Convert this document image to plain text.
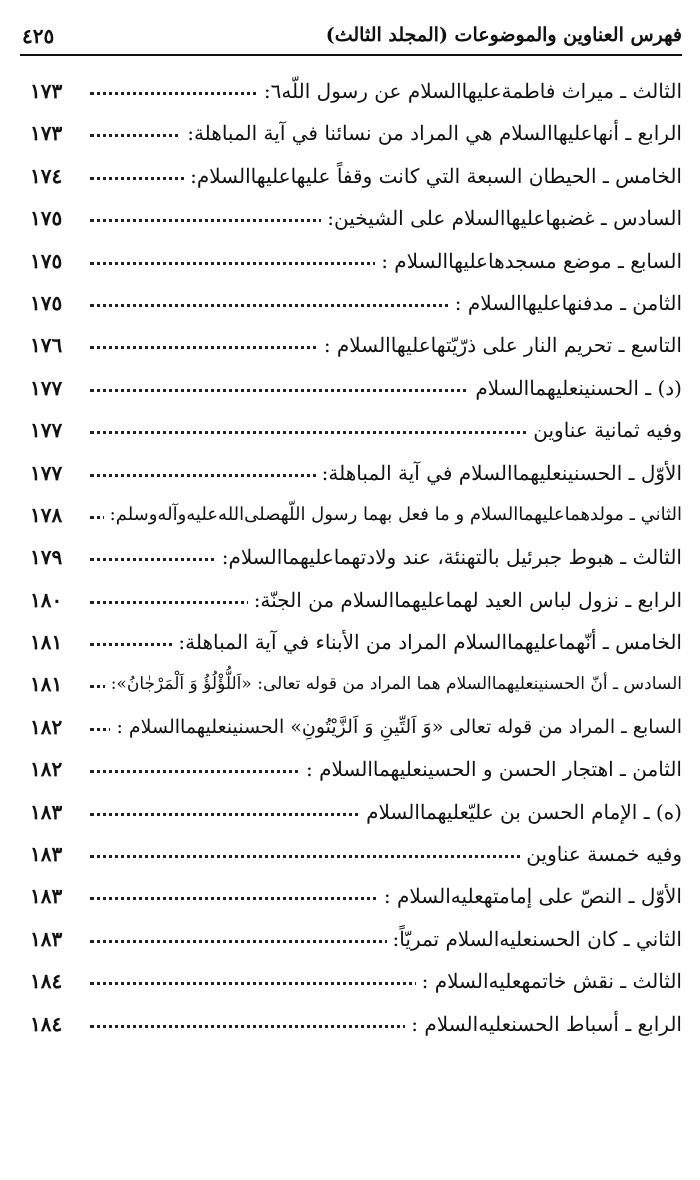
فهرس العناوين والموضوعات (المجلد الثالث)
٤٢٥
الثالث ـ ميراث فاطمةعليها‌السلام عن رسول اللّه٦:
١٧٣
الرابع ـ أنهاعليها‌السلام هي المراد من نسائنا في آية المباهلة:
١٧٣
الخامس ـ الحيطان السبعة التي كانت وقفاً عليهاعليها‌السلام:
١٧٤
السادس ـ غضبهاعليها‌السلام على الشيخين:
١٧٥
السابع ـ موضع مسجدهاعليها‌السلام :
١٧٥
الثامن ـ مدفنهاعليها‌السلام :
١٧٥
التاسع ـ تحريم النار على ذرّيّتهاعليها‌السلام :
١٧٦
(د) ـ الحسنينعليهما‌السلام
١٧٧
وفيه ثمانية عناوين
١٧٧
الأوّل ـ الحسنينعليهما‌السلام في آية المباهلة:
١٧٧
الثاني ـ مولدهماعليهما‌السلام و ما فعل بهما رسول اللّهصلى‌الله‌عليه‌وآله‌وسلم:
١٧٨
الثالث ـ هبوط جبرئيل بالتهنئة، عند ولادتهماعليهما‌السلام:
١٧٩
الرابع ـ نزول لباس العيد لهماعليهما‌السلام من الجنّة:
١٨٠
الخامس ـ أنّهماعليهما‌السلام المراد من الأبناء في آية المباهلة:
١٨١
السادس ـ أنّ الحسنينعليهما‌السلام هما المراد من قوله تعالى: «اَللُّؤْلُؤُ وَ اَلْمَرْجٰانُ»:
١٨١
السابع ـ المراد من قوله تعالى «وَ اَلتِّينِ وَ اَلزَّيْتُونِ» الحسنينعليهما‌السلام :
١٨٢
الثامن ـ اهتجار الحسن و الحسينعليهما‌السلام :
١٨٢
(ه) ـ الإمام الحسن بن عليّعليهما‌السلام
١٨٣
وفيه خمسة عناوين
١٨٣
الأوّل ـ النصّ على إمامتهعليه‌السلام :
١٨٣
الثاني ـ كان الحسنعليه‌السلام تمريّاً:
١٨٣
الثالث ـ نقش خاتمهعليه‌السلام :
١٨٤
الرابع ـ أسباط الحسنعليه‌السلام :
١٨٤
